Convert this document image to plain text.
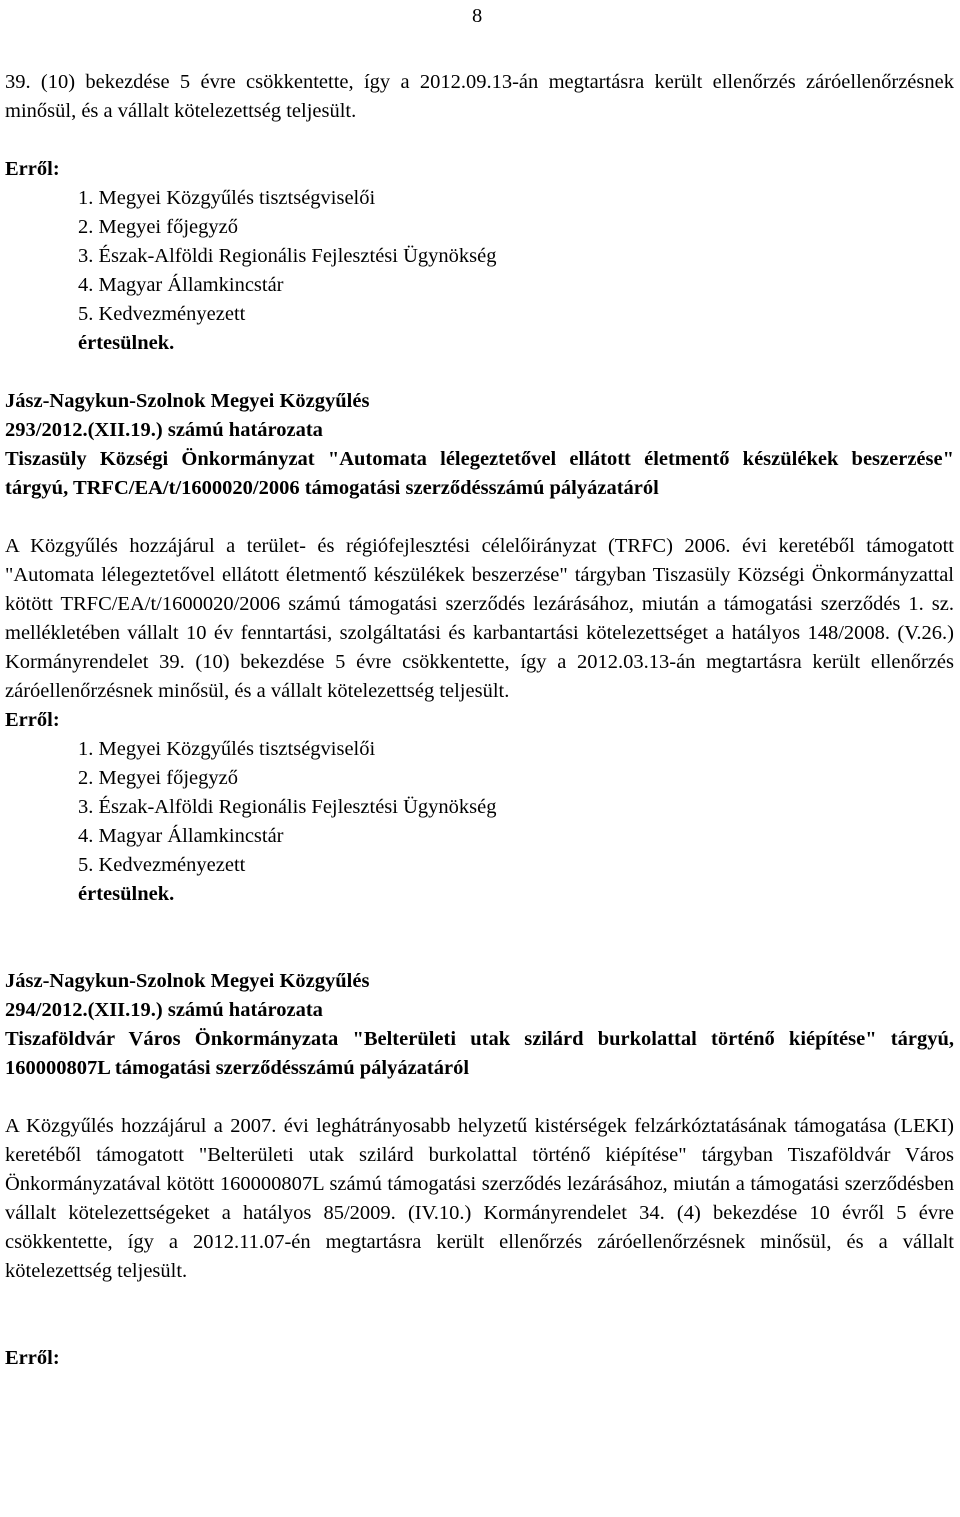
8

39. (10) bekezdése 5 évre csökkentette, így a 2012.09.13-án megtartásra került ellenőrzés záróellenőrzésnek minősül, és a vállalt kötelezettség teljesült.

Erről:

1. Megyei Közgyűlés tisztségviselői
2. Megyei főjegyző
3. Észak-Alföldi Regionális Fejlesztési Ügynökség
4. Magyar Államkincstár
5. Kedvezményezett

értesülnek.

Jász-Nagykun-Szolnok Megyei Közgyűlés

293/2012.(XII.19.) számú határozata

Tiszasüly Községi Önkormányzat "Automata lélegeztetővel ellátott életmentő készülékek beszerzése" tárgyú, TRFC/EA/t/1600020/2006 támogatási szerződésszámú pályázatáról

A Közgyűlés hozzájárul a terület- és régiófejlesztési célelőirányzat (TRFC) 2006. évi keretéből támogatott "Automata lélegeztetővel ellátott életmentő készülékek beszerzése" tárgyban Tiszasüly Községi Önkormányzattal kötött TRFC/EA/t/1600020/2006 számú támogatási szerződés lezárásához, miután a támogatási szerződés 1. sz. mellékletében vállalt 10 év fenntartási, szolgáltatási és karbantartási kötelezettséget a hatályos 148/2008. (V.26.) Kormányrendelet 39. (10) bekezdése 5 évre csökkentette, így a 2012.03.13-án megtartásra került ellenőrzés záróellenőrzésnek minősül, és a vállalt kötelezettség teljesült.

Erről:

1. Megyei Közgyűlés tisztségviselői
2. Megyei főjegyző
3. Észak-Alföldi Regionális Fejlesztési Ügynökség
4. Magyar Államkincstár
5. Kedvezményezett

értesülnek.

Jász-Nagykun-Szolnok Megyei Közgyűlés

294/2012.(XII.19.) számú határozata

Tiszaföldvár Város Önkormányzata "Belterületi utak szilárd burkolattal történő kiépítése" tárgyú, 160000807L támogatási szerződésszámú pályázatáról

A Közgyűlés hozzájárul a 2007. évi leghátrányosabb helyzetű kistérségek felzárkóztatásának támogatása (LEKI) keretéből támogatott "Belterületi utak szilárd burkolattal történő kiépítése" tárgyban Tiszaföldvár Város Önkormányzatával kötött 160000807L számú támogatási szerződés lezárásához, miután a támogatási szerződésben vállalt kötelezettségeket a hatályos 85/2009. (IV.10.) Kormányrendelet 34. (4) bekezdése 10 évről 5 évre csökkentette, így a 2012.11.07-én megtartásra került ellenőrzés záróellenőrzésnek minősül, és a vállalt kötelezettség teljesült.

Erről:
